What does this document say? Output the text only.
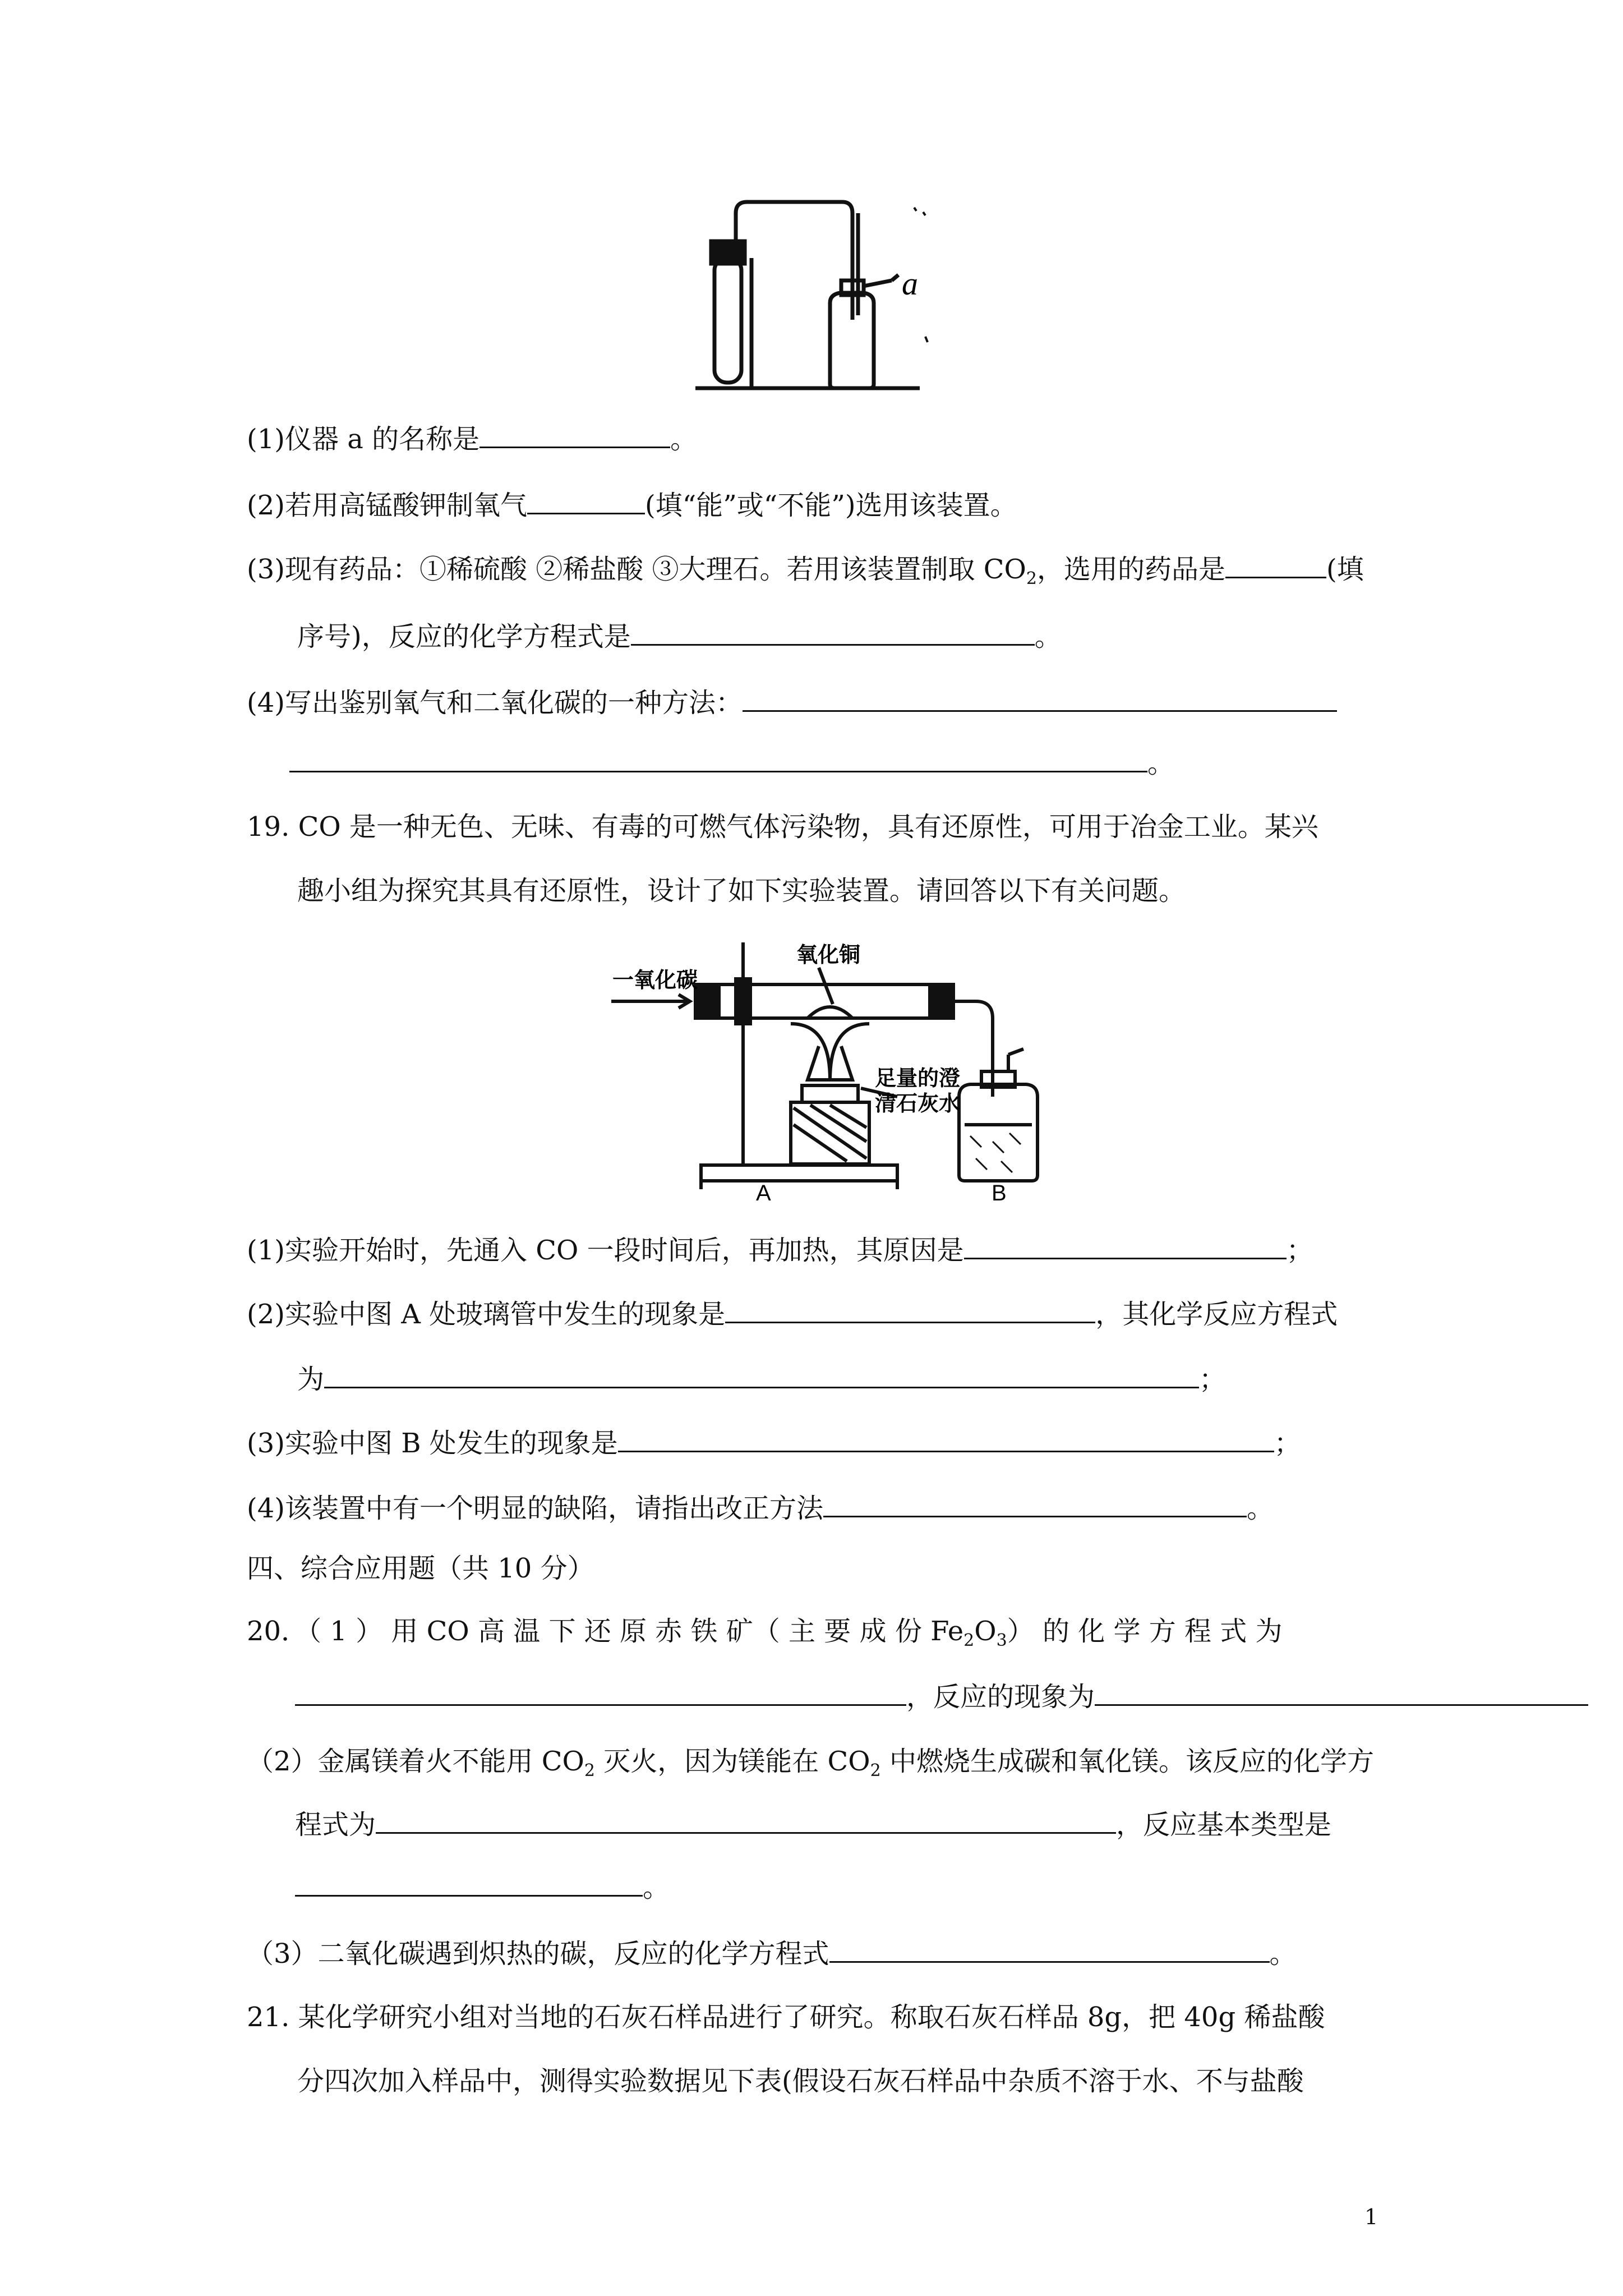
a
(1)仪器 a 的名称是	。
(2)若用高锰酸钾制氧气	(填“能”或“不能”)选用该装置。
(3)现有药品：①稀硫酸 ②稀盐酸 ③大理石。若用该装置制取 $CO_2$，选用的药品是	(填
序号)，反应的化学方程式是	。
(4)写出鉴别氧气和二氧化碳的一种方法：
。
19. CO 是一种无色、无味、有毒的可燃气体污染物，具有还原性，可用于冶金工业。某兴
趣小组为探究其具有还原性，设计了如下实验装置。请回答以下有关问题。
一氧化碳
氧化铜
足量的澄
清石灰水
A	B
(1)实验开始时，先通入 CO 一段时间后，再加热，其原因是	；
(2)实验中图 A 处玻璃管中发生的现象是	，其化学反应方程式
为	；
(3)实验中图 B 处发生的现象是	；
(4)该装置中有一个明显的缺陷，请指出改正方法	。
四、综合应用题（共 10 分）
20．（ 1 ） 用 CO 高 温 下 还 原 赤 铁 矿（ 主 要 成 份 $Fe_2O_3$） 的 化 学 方 程 式 为
，反应的现象为
（2）金属镁着火不能用 $CO_2$ 灭火，因为镁能在 $CO_2$ 中燃烧生成碳和氧化镁。该反应的化学方
程式为	，反应基本类型是
。
（3）二氧化碳遇到炽热的碳，反应的化学方程式	。
21. 某化学研究小组对当地的石灰石样品进行了研究。称取石灰石样品 8g，把 40g 稀盐酸
分四次加入样品中，测得实验数据见下表(假设石灰石样品中杂质不溶于水、不与盐酸
1
